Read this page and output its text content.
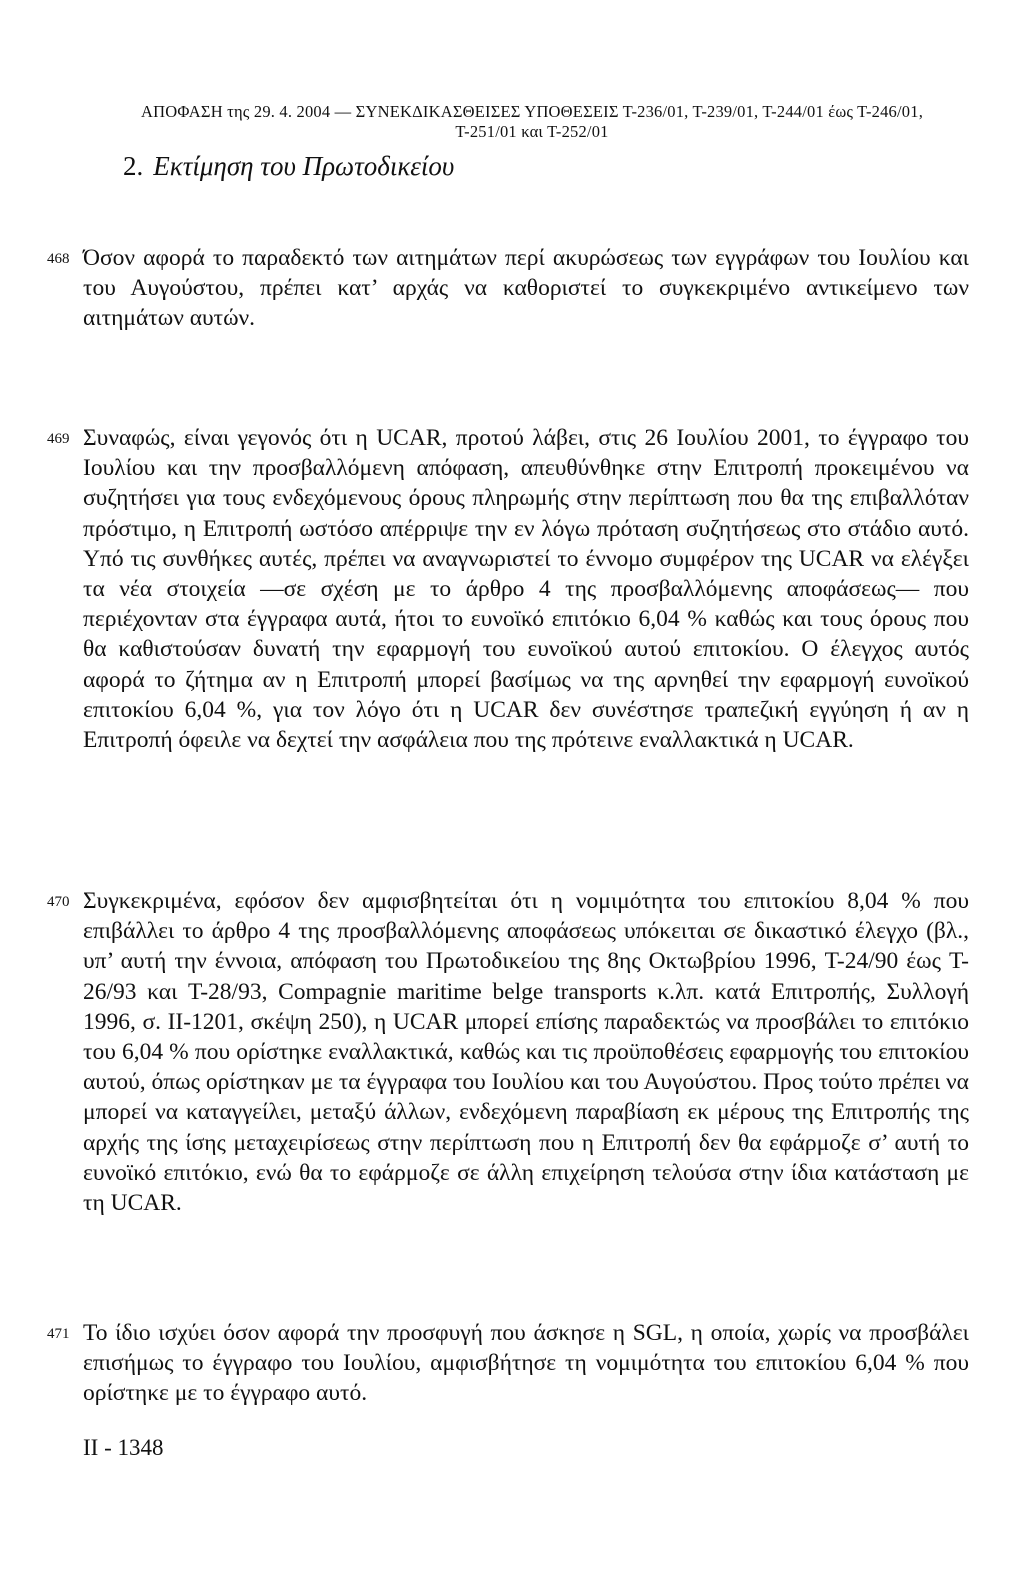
ΑΠΟΦΑΣΗ της 29. 4. 2004 — ΣΥΝΕΚΔΙΚΑΣΘΕΙΣΕΣ ΥΠΟΘΕΣΕΙΣ Τ-236/01, Τ-239/01, Τ-244/01 έως Τ-246/01,
Τ-251/01 και Τ-252/01
2. Εκτίμηση του Πρωτοδικείου
468 Όσον αφορά το παραδεκτό των αιτημάτων περί ακυρώσεως των εγγράφων του Ιουλίου και του Αυγούστου, πρέπει κατ’ αρχάς να καθοριστεί το συγκεκριμένο αντικείμενο των αιτημάτων αυτών.
469 Συναφώς, είναι γεγονός ότι η UCAR, προτού λάβει, στις 26 Ιουλίου 2001, το έγγραφο του Ιουλίου και την προσβαλλόμενη απόφαση, απευθύνθηκε στην Επιτροπή προκειμένου να συζητήσει για τους ενδεχόμενους όρους πληρωμής στην περίπτωση που θα της επιβαλλόταν πρόστιμο, η Επιτροπή ωστόσο απέρριψε την εν λόγω πρόταση συζητήσεως στο στάδιο αυτό. Υπό τις συνθήκες αυτές, πρέπει να αναγνωριστεί το έννομο συμφέρον της UCAR να ελέγξει τα νέα στοιχεία —σε σχέση με το άρθρο 4 της προσβαλλόμενης αποφάσεως— που περιέχονταν στα έγγραφα αυτά, ήτοι το ευνοϊκό επιτόκιο 6,04 % καθώς και τους όρους που θα καθιστούσαν δυνατή την εφαρμογή του ευνοϊκού αυτού επιτοκίου. Ο έλεγχος αυτός αφορά το ζήτημα αν η Επιτροπή μπορεί βασίμως να της αρνηθεί την εφαρμογή ευνοϊκού επιτοκίου 6,04 %, για τον λόγο ότι η UCAR δεν συνέστησε τραπεζική εγγύηση ή αν η Επιτροπή όφειλε να δεχτεί την ασφάλεια που της πρότεινε εναλλακτικά η UCAR.
470 Συγκεκριμένα, εφόσον δεν αμφισβητείται ότι η νομιμότητα του επιτοκίου 8,04 % που επιβάλλει το άρθρο 4 της προσβαλλόμενης αποφάσεως υπόκειται σε δικαστικό έλεγχο (βλ., υπ’ αυτή την έννοια, απόφαση του Πρωτοδικείου της 8ης Οκτωβρίου 1996, T-24/90 έως T-26/93 και T-28/93, Compagnie maritime belge transports κ.λπ. κατά Επιτροπής, Συλλογή 1996, σ. II-1201, σκέψη 250), η UCAR μπορεί επίσης παραδεκτώς να προσβάλει το επιτόκιο του 6,04 % που ορίστηκε εναλλακτικά, καθώς και τις προϋποθέσεις εφαρμογής του επιτοκίου αυτού, όπως ορίστηκαν με τα έγγραφα του Ιουλίου και του Αυγούστου. Προς τούτο πρέπει να μπορεί να καταγγείλει, μεταξύ άλλων, ενδεχόμενη παραβίαση εκ μέρους της Επιτροπής της αρχής της ίσης μεταχειρίσεως στην περίπτωση που η Επιτροπή δεν θα εφάρμοζε σ’ αυτή το ευνοϊκό επιτόκιο, ενώ θα το εφάρμοζε σε άλλη επιχείρηση τελούσα στην ίδια κατάσταση με τη UCAR.
471 Το ίδιο ισχύει όσον αφορά την προσφυγή που άσκησε η SGL, η οποία, χωρίς να προσβάλει επισήμως το έγγραφο του Ιουλίου, αμφισβήτησε τη νομιμότητα του επιτοκίου 6,04 % που ορίστηκε με το έγγραφο αυτό.
II - 1348
